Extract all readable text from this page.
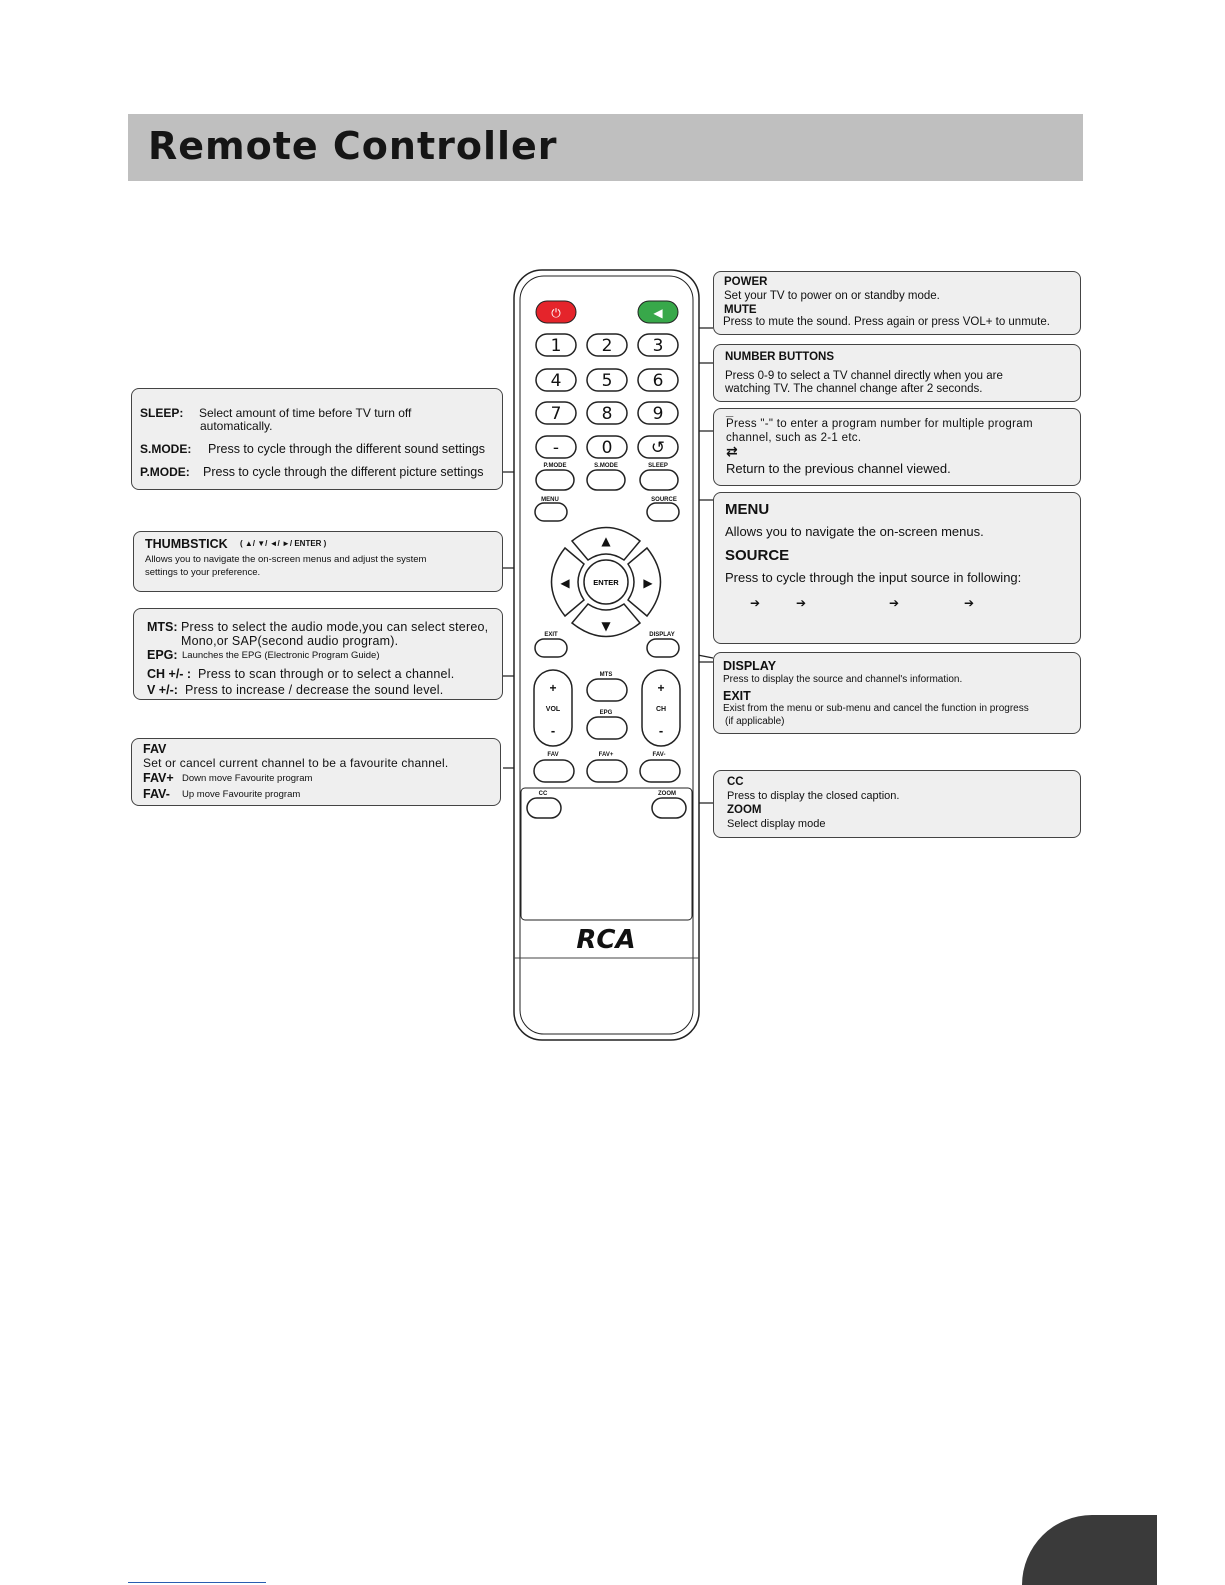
Remote Controller
⏻	◀
1 2 3
4 5 6
7 8 9
-	0 ↺
P.MODE	S.MODE	SLEEP
MENU	SOURCE
EXIT	DISPLAY
MTS
EPG
FAV	FAV+	FAV-
CC	ZOOM
▲
▼
◀	▶
ENTER
+
VOL
-
+
CH
-
RCA
POWER
Set your TV to power on or standby mode.
MUTE
Press to mute the sound. Press again or press VOL+ to unmute.
NUMBER BUTTONS
Press 0-9 to select a TV channel directly when you are
watching TV. The channel change after 2 seconds.
_
Press "-" to enter a program number for multiple program
channel, such as 2-1 etc.
⇄
Return to the previous channel viewed.
MENU
Allows you to navigate the on-screen menus.
SOURCE
Press to cycle through the input source in following:
➔	➔	➔	➔
DISPLAY
Press to display the source and channel's information.
EXIT
Exist from the menu or sub-menu and cancel the function in progress
(if applicable)
CC
Press to display the closed caption.
ZOOM
Select display mode
SLEEP: Select amount of time before TV turn off
automatically.
S.MODE: Press to cycle through the different sound settings
P.MODE: Press to cycle through the different picture settings
THUMBSTICK ( ▲/ ▼/ ◄/ ►/ ENTER )
Allows you to navigate the on-screen menus and adjust the system
settings to your preference.
MTS: Press to select the audio mode,you can select stereo,
Mono,or SAP(second audio program).
EPG: Launches the EPG (Electronic Program Guide)
CH +/- : Press to scan through or to select a channel.
V +/-: Press to increase / decrease the sound level.
FAV
Set or cancel current channel to be a favourite channel.
FAV+ Down move Favourite program
FAV- Up move Favourite program
